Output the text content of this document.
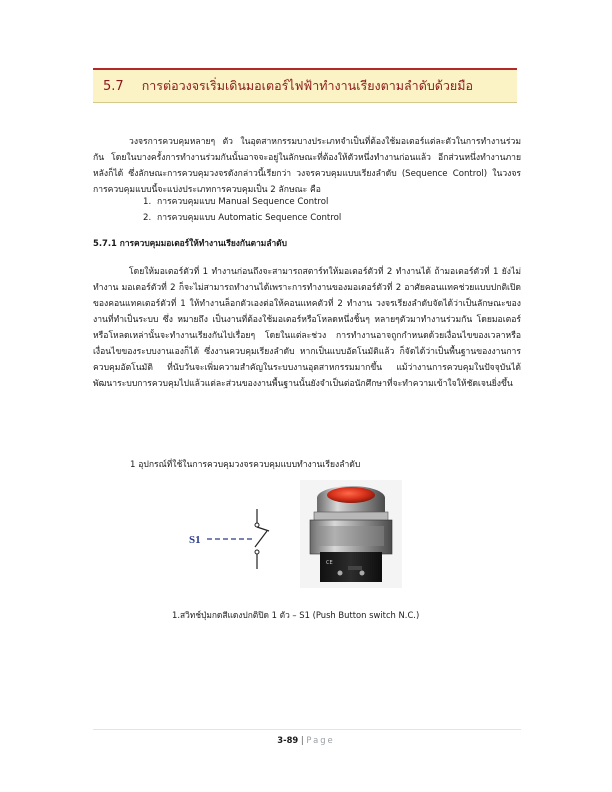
5.7 การต่อวงจรเริ่มเดินมอเตอร์ไฟฟ้าทำงานเรียงตามลำดับด้วยมือ

วงจรการควบคุมหลายๆ ตัว ในอุตสาหกรรมบางประเภทจำเป็นที่ต้องใช้มอเตอร์แต่ละตัวในการทำงานร่วมกัน โดยในบางครั้งการทำงานร่วมกันนั้นอาจจะอยู่ในลักษณะที่ต้องให้ตัวหนึ่งทำงานก่อนแล้ว อีกส่วนหนึ่งทำงานภายหลังก็ได้ ซึ่งลักษณะการควบคุมวงจรดังกล่าวนี้เรียกว่า วงจรควบคุมแบบเรียงลำดับ (Sequence Control) ในวงจรการควบคุมแบบนี้จะแบ่งประเภทการควบคุมเป็น 2 ลักษณะ คือ

1. การควบคุมแบบ Manual Sequence Control
2. การควบคุมแบบ Automatic Sequence Control
5.7.1 การควบคุมมอเตอร์ให้ทำงานเรียงกันตามลำดับ

โดยให้มอเตอร์ตัวที่ 1 ทำงานก่อนถึงจะสามารถสตาร์ทให้มอเตอร์ตัวที่ 2 ทำงานได้ ถ้ามอเตอร์ตัวที่ 1 ยังไม่ทำงาน มอเตอร์ตัวที่ 2 ก็จะไม่สามารถทำงานได้เพราะการทำงานของมอเตอร์ตัวที่ 2 อาศัยคอนแทคช่วยแบบปกติเปิดของคอนแทคเตอร์ตัวที่ 1 ให้ทำงานล็อกตัวเองต่อให้คอนแทคตัวที่ 2 ทำงาน วงจรเรียงลำดับจัดได้ว่าเป็นลักษณะของงานที่ทำเป็นระบบ ซึ่ง หมายถึง เป็นงานที่ต้องใช้มอเตอร์หรือโหลดหนึ่งชิ้นๆ หลายๆตัวมาทำงานร่วมกัน โดยมอเตอร์หรือโหลดเหล่านั้นจะทำงานเรียงกันไปเรื่อยๆ โดยในแต่ละช่วง การทำงานอาจถูกกำหนดด้วยเงื่อนไขของเวลาหรือเงื่อนไขของระบบงานเองก็ได้ ซึ่งงานควบคุมเรียงลำดับ หากเป็นแบบอัตโนมัติแล้ว ก็จัดได้ว่าเป็นพื้นฐานของงานการควบคุมอัตโนมัติ ที่นับวันจะเพิ่มความสำคัญในระบบงานอุตสาหกรรมมากขึ้น แม้ว่างานการควบคุมในปัจจุบันได้พัฒนาระบบการควบคุมไปแล้วแต่ละส่วนของงานพื้นฐานนั้นยังจำเป็นต่อนักศึกษาที่จะทำความเข้าใจให้ชัดเจนยิ่งขึ้น

1 อุปกรณ์ที่ใช้ในการควบคุมวงจรควบคุมแบบทำงานเรียงลำดับ
S1
CE
1.สวิทช์ปุ่มกดสีแดงปกติปิด 1 ตัว – S1 (Push Button switch N.C.)
3-89 | Page
